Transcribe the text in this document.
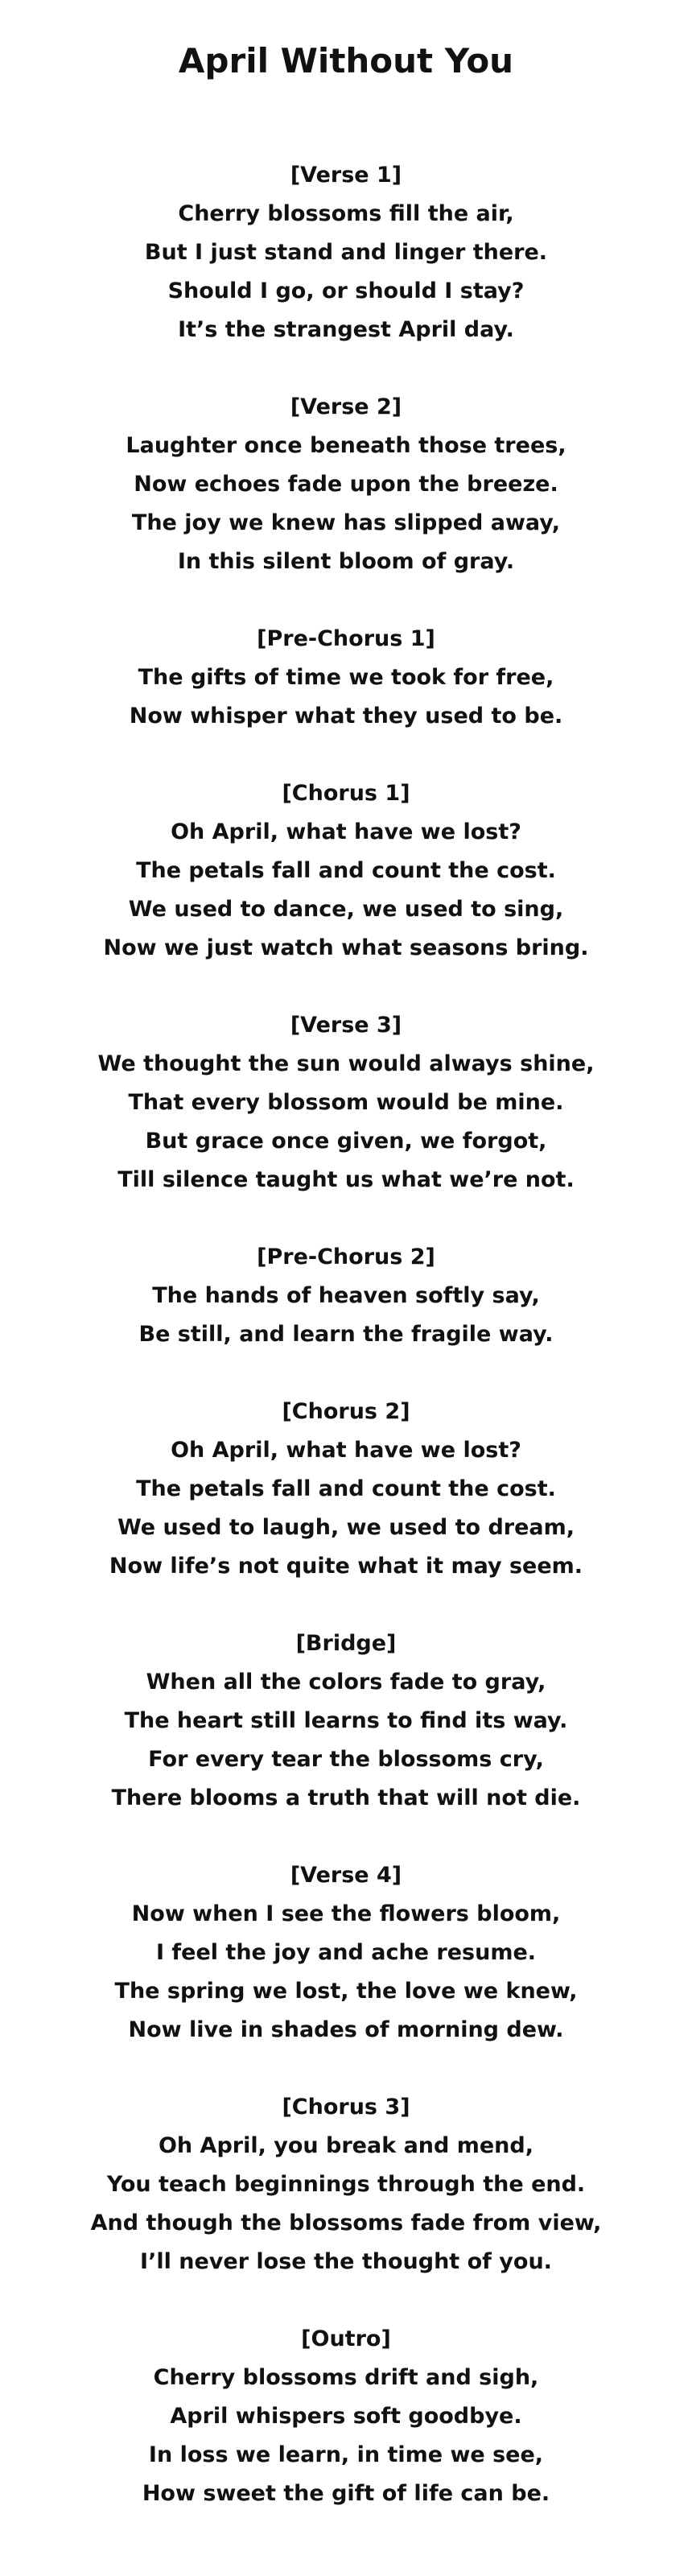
April Without You
[Verse 1]
Cherry blossoms fill the air,
But I just stand and linger there.
Should I go, or should I stay?
It’s the strangest April day.
[Verse 2]
Laughter once beneath those trees,
Now echoes fade upon the breeze.
The joy we knew has slipped away,
In this silent bloom of gray.
[Pre-Chorus 1]
The gifts of time we took for free,
Now whisper what they used to be.
[Chorus 1]
Oh April, what have we lost?
The petals fall and count the cost.
We used to dance, we used to sing,
Now we just watch what seasons bring.
[Verse 3]
We thought the sun would always shine,
That every blossom would be mine.
But grace once given, we forgot,
Till silence taught us what we’re not.
[Pre-Chorus 2]
The hands of heaven softly say,
Be still, and learn the fragile way.
[Chorus 2]
Oh April, what have we lost?
The petals fall and count the cost.
We used to laugh, we used to dream,
Now life’s not quite what it may seem.
[Bridge]
When all the colors fade to gray,
The heart still learns to find its way.
For every tear the blossoms cry,
There blooms a truth that will not die.
[Verse 4]
Now when I see the flowers bloom,
I feel the joy and ache resume.
The spring we lost, the love we knew,
Now live in shades of morning dew.
[Chorus 3]
Oh April, you break and mend,
You teach beginnings through the end.
And though the blossoms fade from view,
I’ll never lose the thought of you.
[Outro]
Cherry blossoms drift and sigh,
April whispers soft goodbye.
In loss we learn, in time we see,
How sweet the gift of life can be.
